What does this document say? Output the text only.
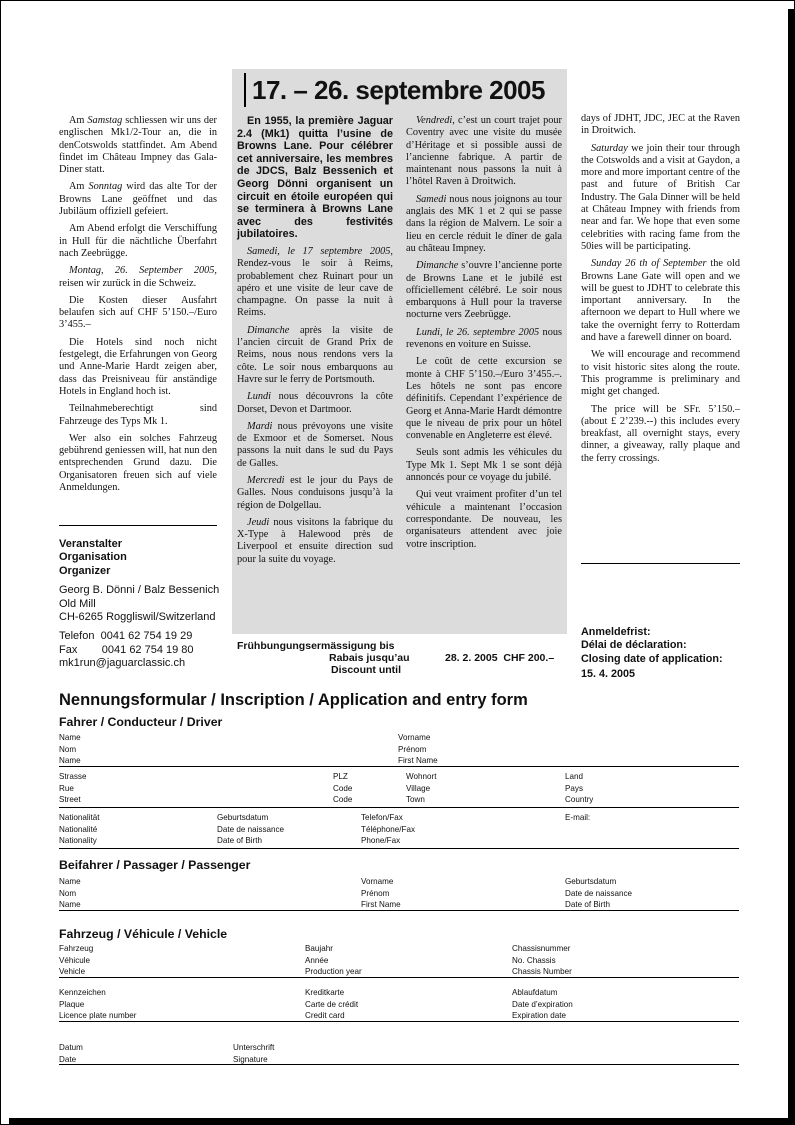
17. – 26. septembre 2005

Am Samstag schliessen wir uns der englischen Mk1/2-Tour an, die in denCotswolds stattfindet. Am Abend findet im Château Impney das Gala-Diner statt.

Am Sonntag wird das alte Tor der Browns Lane geöffnet und das Jubiläum offiziell gefeiert.

Am Abend erfolgt die Verschiffung in Hull für die nächtliche Überfahrt nach Zeebrügge.

Montag, 26. September 2005, reisen wir zurück in die Schweiz.

Die Kosten dieser Ausfahrt belaufen sich auf CHF 5’150.–/Euro 3’455.–

Die Hotels sind noch nicht festgelegt, die Erfahrungen von Georg und Anne-Marie Hardt zeigen aber, dass das Preisniveau für anständige Hotels in England hoch ist.

Teilnahmeberechtigt sind Fahrzeuge des Typs Mk 1.

Wer also ein solches Fahrzeug gebührend geniessen will, hat nun den entsprechenden Grund dazu. Die Organisatoren freuen sich auf viele Anmeldungen.

En 1955, la première Jaguar 2.4 (Mk1) quitta l’usine de Browns Lane. Pour célébrer cet anniversaire, les membres de JDCS, Balz Bessenich et Georg Dönni organisent un circuit en étoile européen qui se terminera à Browns Lane avec des festivités jubilatoires.

Samedi, le 17 septembre 2005, Rendez-vous le soir à Reims, probablement chez Ruinart pour un apéro et une visite de leur cave de champagne. On passe la nuit à Reims.

Dimanche après la visite de l’ancien circuit de Grand Prix de Reims, nous nous rendons vers la côte. Le soir nous embarquons au Havre sur le ferry de Portsmouth.

Lundi nous découvrons la côte Dorset, Devon et Dartmoor.

Mardi nous prévoyons une visite de Exmoor et de Somerset. Nous passons la nuit dans le sud du Pays de Galles.

Mercredi est le jour du Pays de Galles. Nous conduisons jusqu’à la région de Dolgellau.

Jeudi nous visitons la fabrique du X-Type à Halewood près de Liverpool et ensuite direction sud pour la suite du voyage.

Vendredi, c’est un court trajet pour Coventry avec une visite du musée d’Héritage et si possible aussi de l’ancienne fabrique. A partir de maintenant nous passons la nuit à l’hôtel Raven à Droitwich.

Samedi nous nous joignons au tour anglais des MK 1 et 2 qui se passe dans la région de Malvern. Le soir a lieu en cercle réduit le dîner de gala au château Impney.

Dimanche s’ouvre l’ancienne porte de Browns Lane et le jubilé est officiellement célébré. Le soir nous embarquons à Hull pour la traverse nocturne vers Zeebrügge.

Lundi, le 26. septembre 2005 nous revenons en voiture en Suisse.

Le coût de cette excursion se monte à CHF 5’150.–/Euro 3’455.–. Les hôtels ne sont pas encore définitifs. Cependant l’expérience de Georg et Anna-Marie Hardt démontre que le niveau de prix pour un hôtel convenable en Angleterre est élevé.

Seuls sont admis les véhicules du Type Mk 1. Sept Mk 1 se sont déjà annoncés pour ce voyage du jubilé.

Qui veut vraiment profiter d’un tel véhicule a maintenant l’occasion correspondante. De nouveau, les organisateurs attendent avec joie votre inscription.

days of JDHT, JDC, JEC at the Raven in Droitwich.

Saturday we join their tour through the Cotswolds and a visit at Gaydon, a more and more important centre of the past and future of British Car Industry. The Gala Dinner will be held at Château Impney with friends from near and far. We hope that even some celebrities with racing fame from the 50ies will be participating.

Sunday 26 th of September the old Browns Lane Gate will open and we will be guest to JDHT to celebrate this important anniversary. In the afternoon we depart to Hull where we take the overnight ferry to Rotterdam and have a farewell dinner on board.

We will encourage and recommend to visit historic sites along the route. This programme is preliminary and might get changed.

The price will be SFr. 5’150.– (about £ 2’239.--) this includes every breakfast, all overnight stays, every dinner, a giveaway, rally plaque and the ferry crossings.

Veranstalter
Organisation
Organizer
Georg B. Dönni / Balz Bessenich
Old Mill
CH-6265 Roggliswil/Switzerland
Telefon  0041 62 754 19 29
Fax        0041 62 754 19 80
mk1run@jaguarclassic.ch
Frühbungungsermässigung bis
Rabais jusqu’au
Discount until
28. 2. 2005  CHF 200.–
Anmeldefrist:
Délai de déclaration:
Closing date of application:
15. 4. 2005
Nennungsformular / Inscription / Application and entry form
Fahrer / Conducteur / Driver
Beifahrer / Passager / Passenger
Fahrzeug / Véhicule / Vehicle
Name
Nom
Name
Vorname
Prénom
First Name
Strasse
Rue
Street
PLZ
Code
Code
Wohnort
Village
Town
Land
Pays
Country
Nationalität
Nationalité
Nationality
Geburtsdatum
Date de naissance
Date of Birth
Telefon/Fax
Téléphone/Fax
Phone/Fax
E-mail:
Name
Nom
Name
Vorname
Prénom
First Name
Geburtsdatum
Date de naissance
Date of Birth
Fahrzeug
Véhicule
Vehicle
Baujahr
Année
Production year
Chassisnummer
No. Chassis
Chassis Number
Kennzeichen
Plaque
Licence plate number
Kreditkarte
Carte de crédit
Credit card
Ablaufdatum
Date d’expiration
Expiration date
Datum
Date
Unterschrift
Signature
